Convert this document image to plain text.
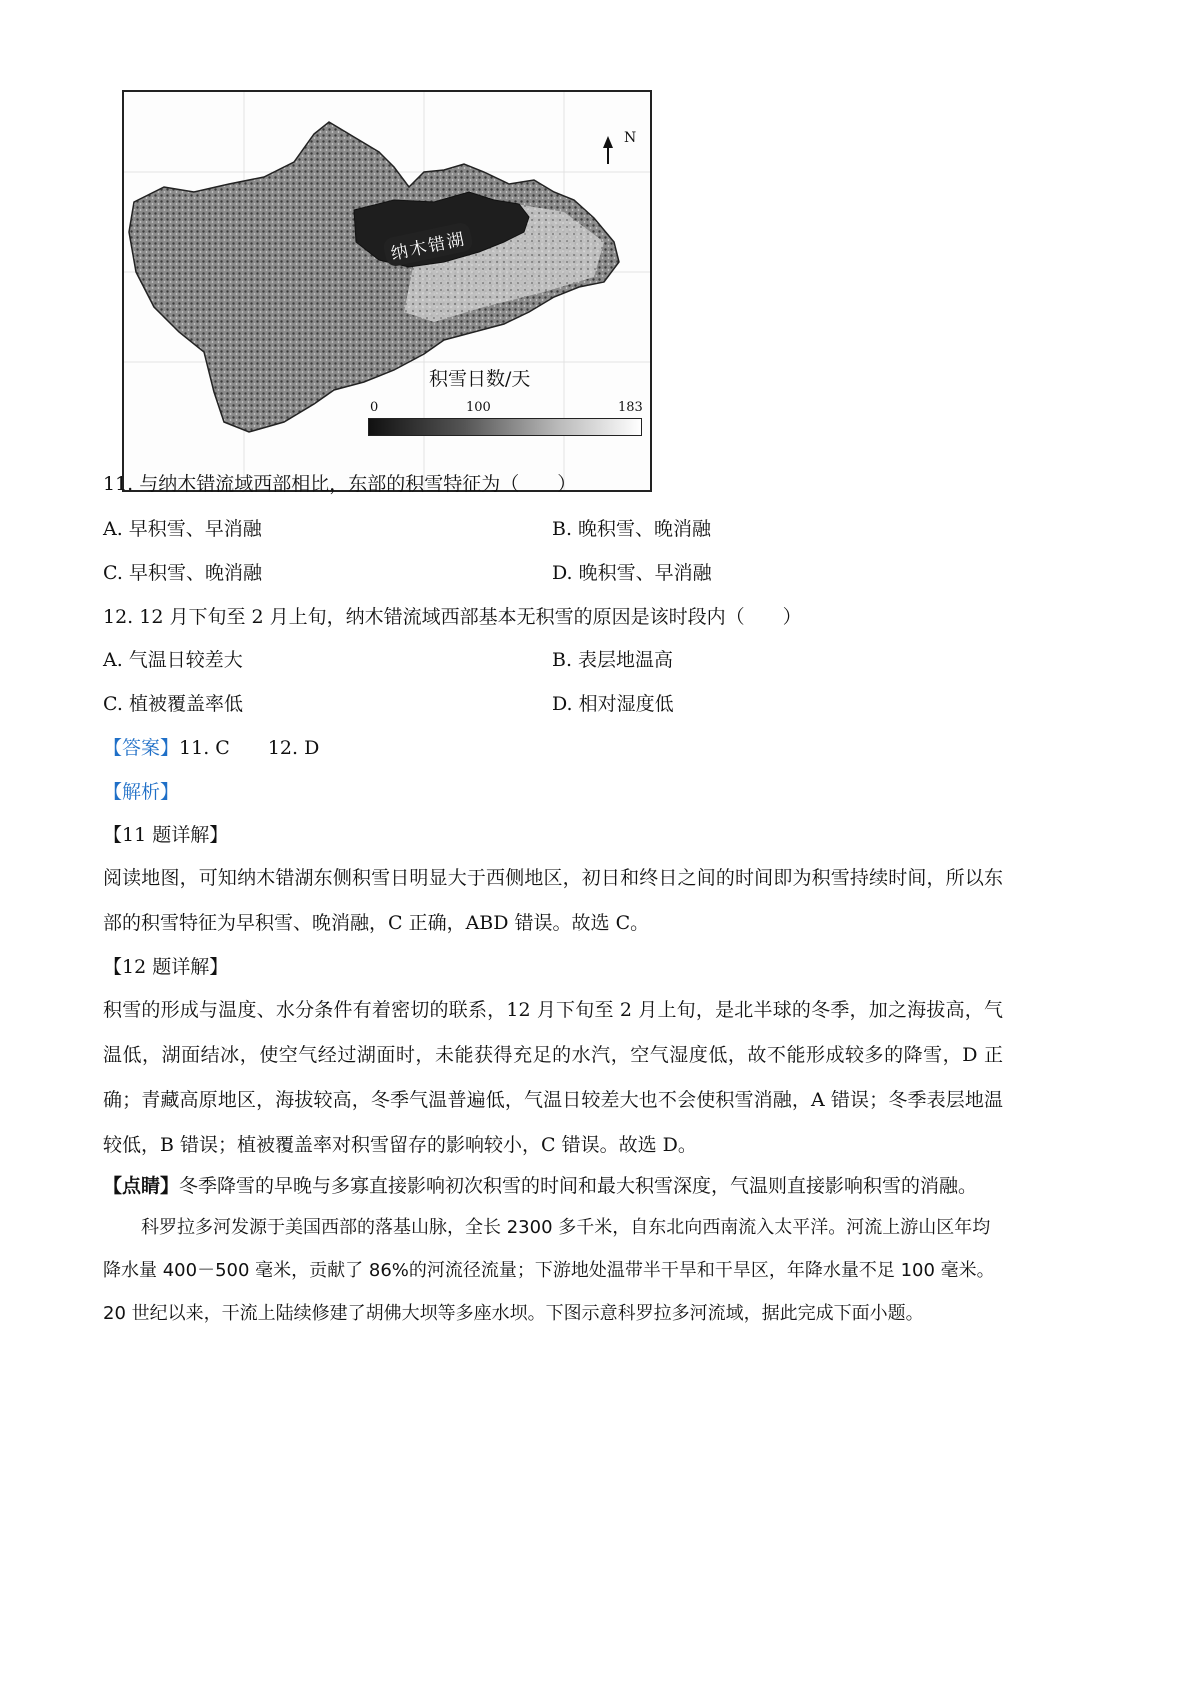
N
纳木错湖
积雪日数/天
0	100	183
11. 与纳木错流域西部相比，东部的积雪特征为（　　）
A. 早积雪、早消融	B. 晚积雪、晚消融
C. 早积雪、晚消融	D. 晚积雪、早消融
12. 12 月下旬至 2 月上旬，纳木错流域西部基本无积雪的原因是该时段内（　　）
A. 气温日较差大	B. 表层地温高
C. 植被覆盖率低	D. 相对湿度低
【答案】11. C 12. D
【解析】
【11 题详解】
阅读地图，可知纳木错湖东侧积雪日明显大于西侧地区，初日和终日之间的时间即为积雪持续时间，所以东部的积雪特征为早积雪、晚消融，C 正确，ABD 错误。故选 C。
【12 题详解】
积雪的形成与温度、水分条件有着密切的联系，12 月下旬至 2 月上旬，是北半球的冬季，加之海拔高，气温低，湖面结冰，使空气经过湖面时，未能获得充足的水汽，空气湿度低，故不能形成较多的降雪，D 正确；青藏高原地区，海拔较高，冬季气温普遍低，气温日较差大也不会使积雪消融，A 错误；冬季表层地温较低，B 错误；植被覆盖率对积雪留存的影响较小，C 错误。故选 D。
【点睛】冬季降雪的早晚与多寡直接影响初次积雪的时间和最大积雪深度，气温则直接影响积雪的消融。
科罗拉多河发源于美国西部的落基山脉，全长 2300 多千米，自东北向西南流入太平洋。河流上游山区年均降水量 400－500 毫米，贡献了 86%的河流径流量；下游地处温带半干旱和干旱区，年降水量不足 100 毫米。20 世纪以来，干流上陆续修建了胡佛大坝等多座水坝。下图示意科罗拉多河流域，据此完成下面小题。
